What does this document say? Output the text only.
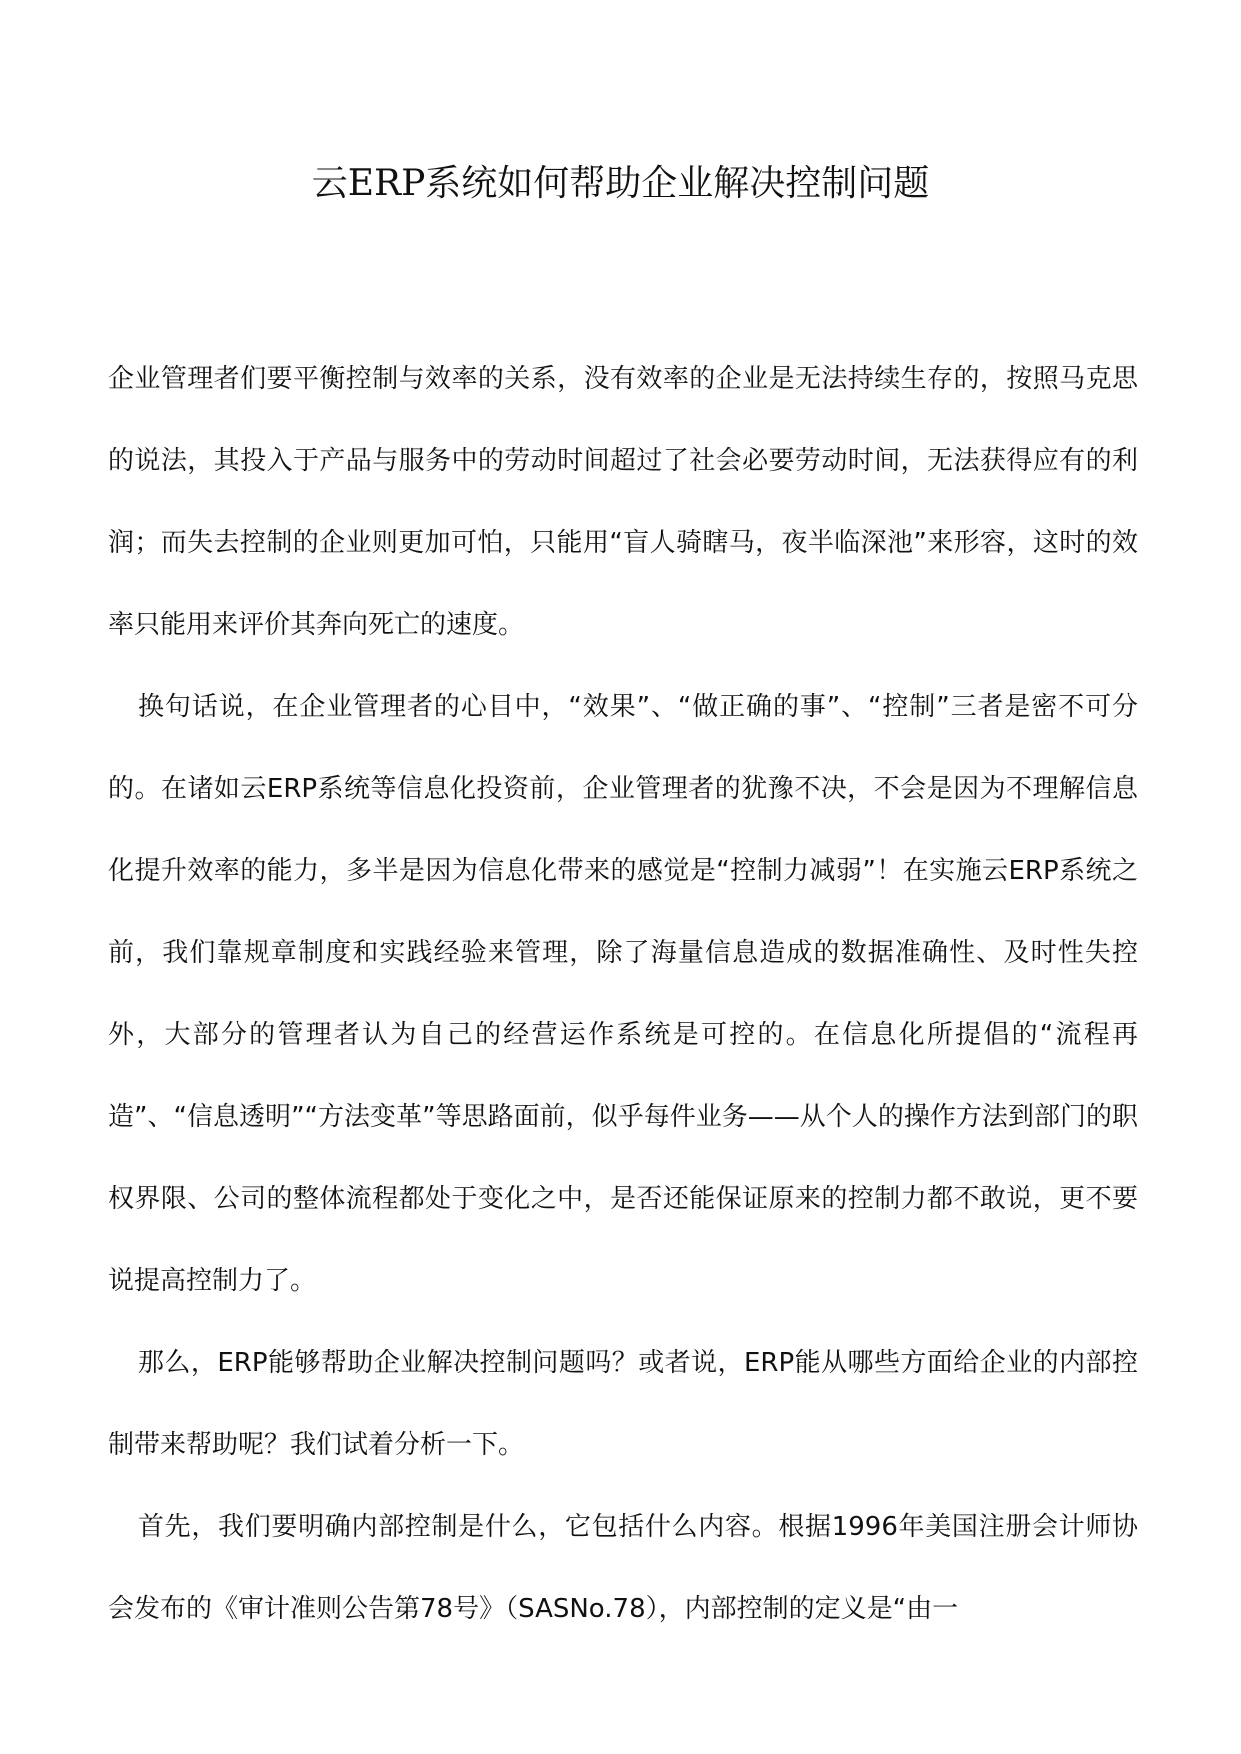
云ERP系统如何帮助企业解决控制问题

企业管理者们要平衡控制与效率的关系，没有效率的企业是无法持续生存的，按照马克思的说法，其投入于产品与服务中的劳动时间超过了社会必要劳动时间，无法获得应有的利润；而失去控制的企业则更加可怕，只能用“盲人骑瞎马，夜半临深池”来形容，这时的效率只能用来评价其奔向死亡的速度。

换句话说，在企业管理者的心目中，“效果”、“做正确的事”、“控制”三者是密不可分的。在诸如云ERP系统等信息化投资前，企业管理者的犹豫不决，不会是因为不理解信息化提升效率的能力，多半是因为信息化带来的感觉是“控制力减弱”！在实施云ERP系统之前，我们靠规章制度和实践经验来管理，除了海量信息造成的数据准确性、及时性失控外，大部分的管理者认为自己的经营运作系统是可控的。在信息化所提倡的“流程再造”、“信息透明”“方法变革”等思路面前，似乎每件业务——从个人的操作方法到部门的职权界限、公司的整体流程都处于变化之中，是否还能保证原来的控制力都不敢说，更不要说提高控制力了。

那么，ERP能够帮助企业解决控制问题吗？或者说，ERP能从哪些方面给企业的内部控制带来帮助呢？我们试着分析一下。

首先，我们要明确内部控制是什么，它包括什么内容。根据1996年美国注册会计师协会发布的《审计准则公告第78号》（SASNo.78），内部控制的定义是“由一
